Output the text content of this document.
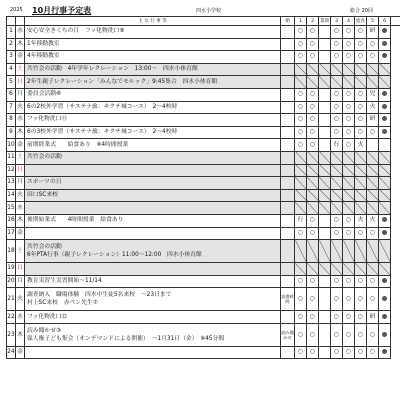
2025 10月行事予定表	四水小学校	総合 20回
		主 な 行 事 等	朝	1	2	業間	3	4	給食	5	6	
1	水	安心安全きくちの日　フッ化物洗口⑨		○	○		○	○	○	研		
2	木	1年移動教室		○	○		○	○	○	○		
3	金	4年移動教室		○	○		○	○	○	○		
4	土	共竹会の活動　4年学年レクレーション　13:00～　四水小体育館										

5	日	2年生親子レクレーション「みんなでモルック」9:45集合　四水小体育館										

6	月	委員会活動⑥		○	○		○	○	○	児		
7	火	6の2校外学習（サステナ旅：キクチ城コース）　2～4校時		○	○		○	○	○	火		
8	水	フッ化物洗口⑪		○	○		○	○	○	研		
9	木	6の3校外学習（サステナ旅：キクチ城コース）　2～4校時		○	○		○	○	○	○		
10	金	前期終業式　　給食あり　※4時間授業		○	○		行	○	火			
11	土	共竹会の活動										

12	日		

13	月	スポーツの日										

14	火	田口SC来校										

15	水		

16	木	後期始業式　　4時間授業　給食あり		行	○		○	○	火	火		
17	金			○	○		○	○	○	○		
18	土	共竹会の活動
6年PTA行事（親子レクレーション）11:00～12:00　四水小体育館										

19	日		

20	月	教育実習生実習開始～11/14		○	○		○	○	○	○		
21	火	調査納入　職場体験　四水中生徒5名来校　～23日まで
村上SC来校　赤ペン先生⑦	読書時間	○	○		○	○	○	○		
22	水	フッ化物洗口⑫		○	○		○	○	○	研		
23	木	読み聞かせ③
保人権子ども集会（オンデマンドによる開催）　～1月31日（金）　※45分間	読み聞かせ	○	○		○	○	○	○		
24	金			○	○		○	○	○	○		
